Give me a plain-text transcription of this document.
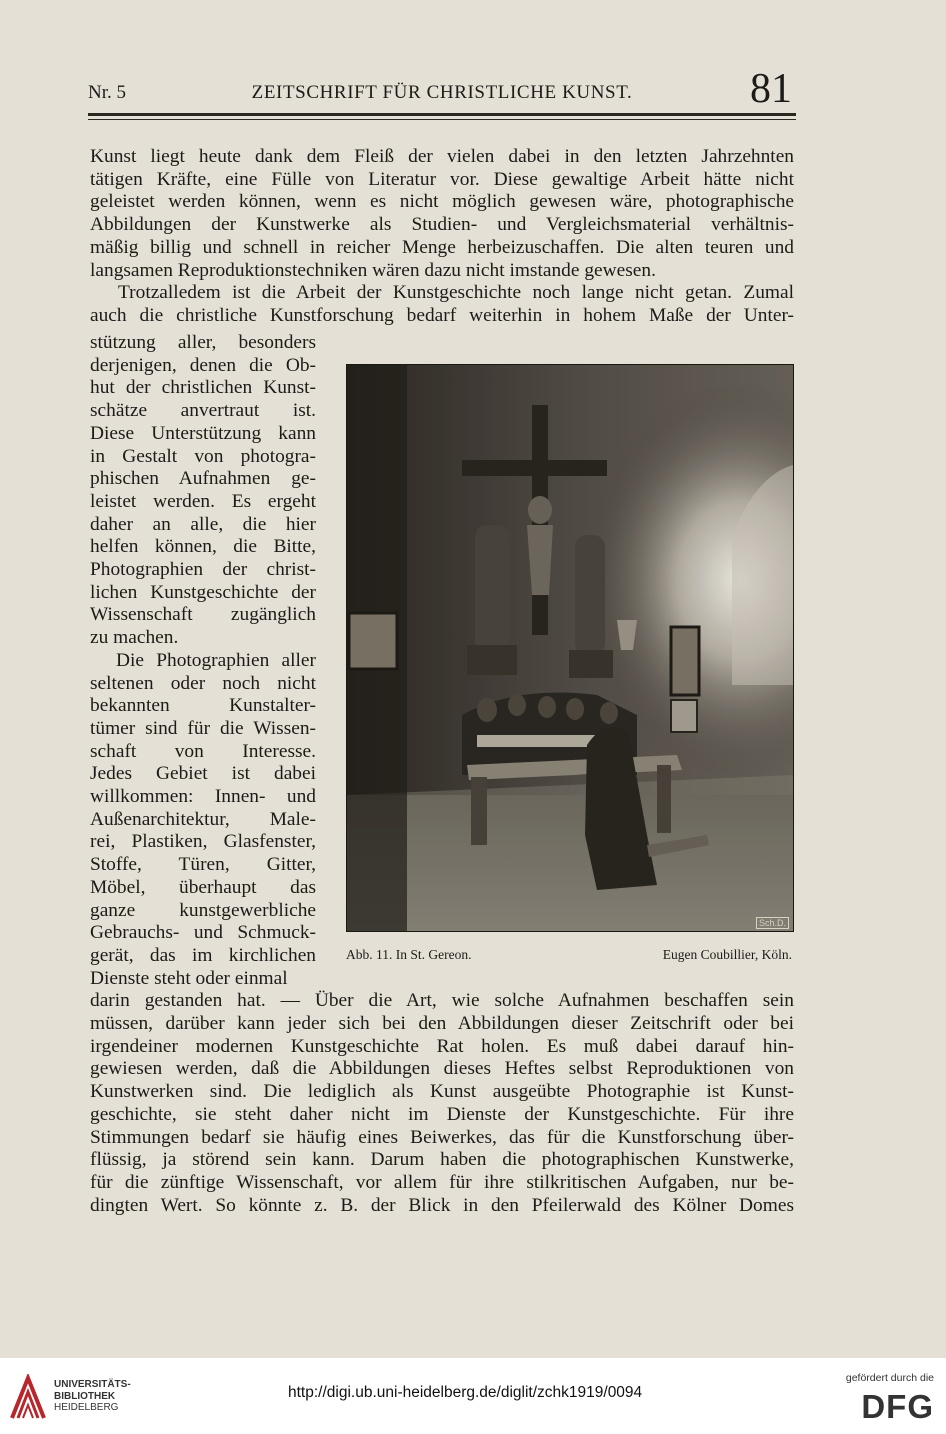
Nr. 5	ZEITSCHRIFT FÜR CHRISTLICHE KUNST.	81
Kunst liegt heute dank dem Fleiß der vielen dabei in den letzten Jahrzehnten
tätigen Kräfte, eine Fülle von Literatur vor. Diese gewaltige Arbeit hätte nicht
geleistet werden können, wenn es nicht möglich gewesen wäre, photographische
Abbildungen der Kunstwerke als Studien- und Vergleichsmaterial verhältnis-
mäßig billig und schnell in reicher Menge herbeizuschaffen. Die alten teuren und
langsamen Reproduktionstechniken wären dazu nicht imstande gewesen.
Trotzalledem ist die Arbeit der Kunstgeschichte noch lange nicht getan. Zumal
auch die christliche Kunstforschung bedarf weiterhin in hohem Maße der Unter-
stützung aller, besonders
derjenigen, denen die Ob-
hut der christlichen Kunst-
schätze anvertraut ist.
Diese Unterstützung kann
in Gestalt von photogra-
phischen Aufnahmen ge-
leistet werden. Es ergeht
daher an alle, die hier
helfen können, die Bitte,
Photographien der christ-
lichen Kunstgeschichte der
Wissenschaft zugänglich
zu machen.
Die Photographien aller
seltenen oder noch nicht
bekannten Kunstalter-
tümer sind für die Wissen-
schaft von Interesse.
Jedes Gebiet ist dabei
willkommen: Innen- und
Außenarchitektur, Male-
rei, Plastiken, Glasfenster,
Stoffe, Türen, Gitter,
Möbel, überhaupt das
ganze kunstgewerbliche
Gebrauchs- und Schmuck-
gerät, das im kirchlichen
Dienste steht oder einmal
Sch.D.
Abb. 11. In St. Gereon.	Eugen Coubillier, Köln.
darin gestanden hat. — Über die Art, wie solche Aufnahmen beschaffen sein
müssen, darüber kann jeder sich bei den Abbildungen dieser Zeitschrift oder bei
irgendeiner modernen Kunstgeschichte Rat holen. Es muß dabei darauf hin-
gewiesen werden, daß die Abbildungen dieses Heftes selbst Reproduktionen von
Kunstwerken sind. Die lediglich als Kunst ausgeübte Photographie ist Kunst-
geschichte, sie steht daher nicht im Dienste der Kunstgeschichte. Für ihre
Stimmungen bedarf sie häufig eines Beiwerkes, das für die Kunstforschung über-
flüssig, ja störend sein kann. Darum haben die photographischen Kunstwerke,
für die zünftige Wissenschaft, vor allem für ihre stilkritischen Aufgaben, nur be-
dingten Wert. So könnte z. B. der Blick in den Pfeilerwald des Kölner Domes
UNIVERSITÄTS-
BIBLIOTHEK
HEIDELBERG
http://digi.ub.uni-heidelberg.de/diglit/zchk1919/0094
gefördert durch die
DFG
